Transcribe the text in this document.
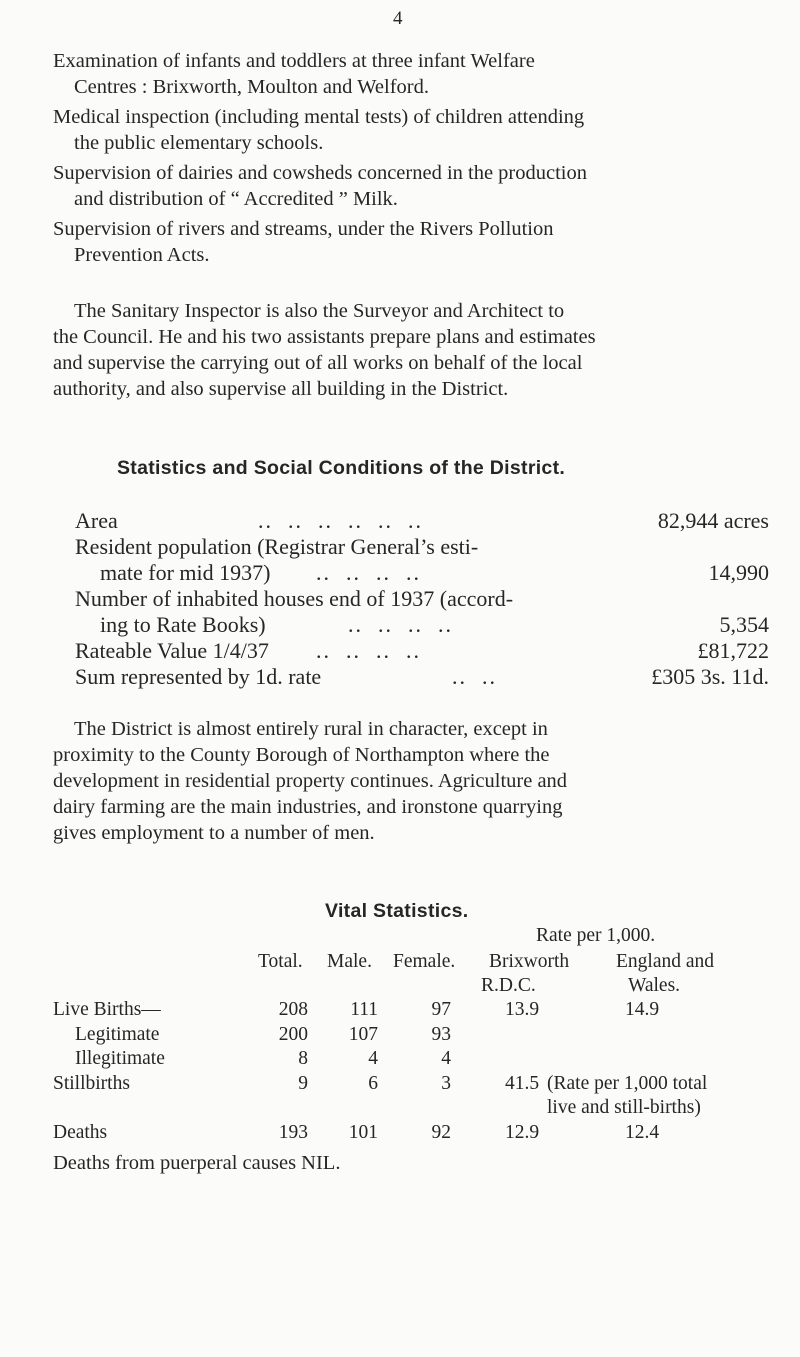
4
Examination of infants and toddlers at three infant Welfare
Centres : Brixworth, Moulton and Welford.
Medical inspection (including mental tests) of children attending
the public elementary schools.
Supervision of dairies and cowsheds concerned in the production
and distribution of “ Accredited ” Milk.
Supervision of rivers and streams, under the Rivers Pollution
Prevention Acts.
The Sanitary Inspector is also the Surveyor and Architect to
the Council. He and his two assistants prepare plans and estimates
and supervise the carrying out of all works on behalf of the local
authority, and also supervise all building in the District.
Statistics and Social Conditions of the District.
Area	..  ..  ..  ..  ..  ..	82,944 acres
Resident population (Registrar General’s esti-
mate for mid 1937) ..  ..  ..  ..	14,990
Number of inhabited houses end of 1937 (accord-
ing to Rate Books)	..  ..  ..  ..	5,354
Rateable Value 1/4/37 ..  ..  ..  ..	£81,722
Sum represented by 1d. rate	..  ..	£305 3s. 11d.
The District is almost entirely rural in character, except in
proximity to the County Borough of Northampton where the
development in residential property continues. Agriculture and
dairy farming are the main industries, and ironstone quarrying
gives employment to a number of men.
Vital Statistics.
Rate per 1,000.
Total. Male. Female. Brixworth England and
R.D.C.	Wales.
Live Births—	208 111	97	13.9	14.9
Legitimate	200 107	93
Illegitimate	8	4	4
Stillbirths	9	6	3	41.5 (Rate per 1,000 total
live and still-births)
Deaths	193 101	92	12.9	12.4
Deaths from puerperal causes NIL.
